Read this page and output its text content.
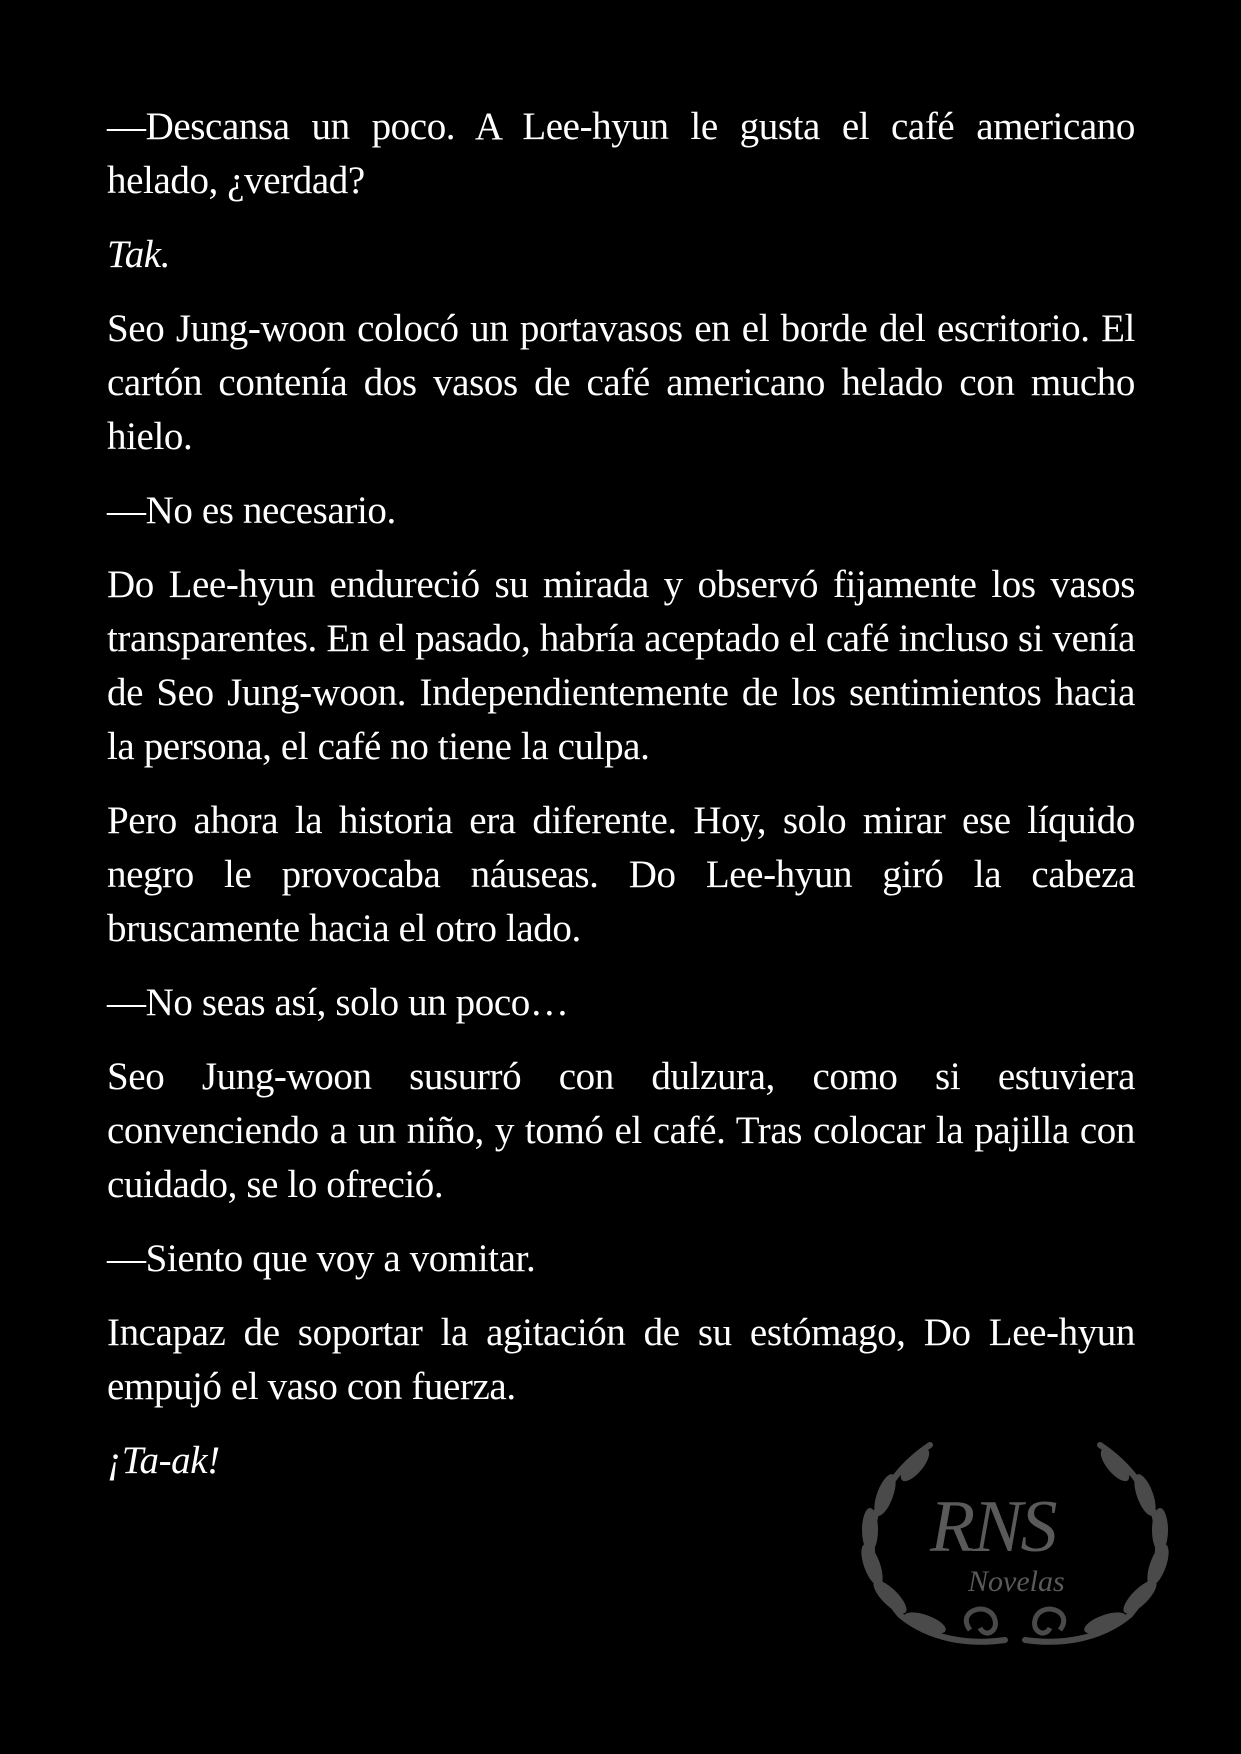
—Descansa un poco. A Lee-hyun le gusta el café americano helado, ¿verdad?

Tak.

Seo Jung-woon colocó un portavasos en el borde del escritorio. El cartón contenía dos vasos de café americano helado con mucho hielo.

—No es necesario.

Do Lee-hyun endureció su mirada y observó fijamente los vasos transparentes. En el pasado, habría aceptado el café incluso si venía de Seo Jung-woon. Independientemente de los sentimientos hacia la persona, el café no tiene la culpa.

Pero ahora la historia era diferente. Hoy, solo mirar ese líquido negro le provocaba náuseas. Do Lee-hyun giró la cabeza bruscamente hacia el otro lado.

—No seas así, solo un poco…

Seo Jung-woon susurró con dulzura, como si estuviera convenciendo a un niño, y tomó el café. Tras colocar la pajilla con cuidado, se lo ofreció.

—Siento que voy a vomitar.

Incapaz de soportar la agitación de su estómago, Do Lee-hyun empujó el vaso con fuerza.

¡Ta-ak!

RNS
Novelas
